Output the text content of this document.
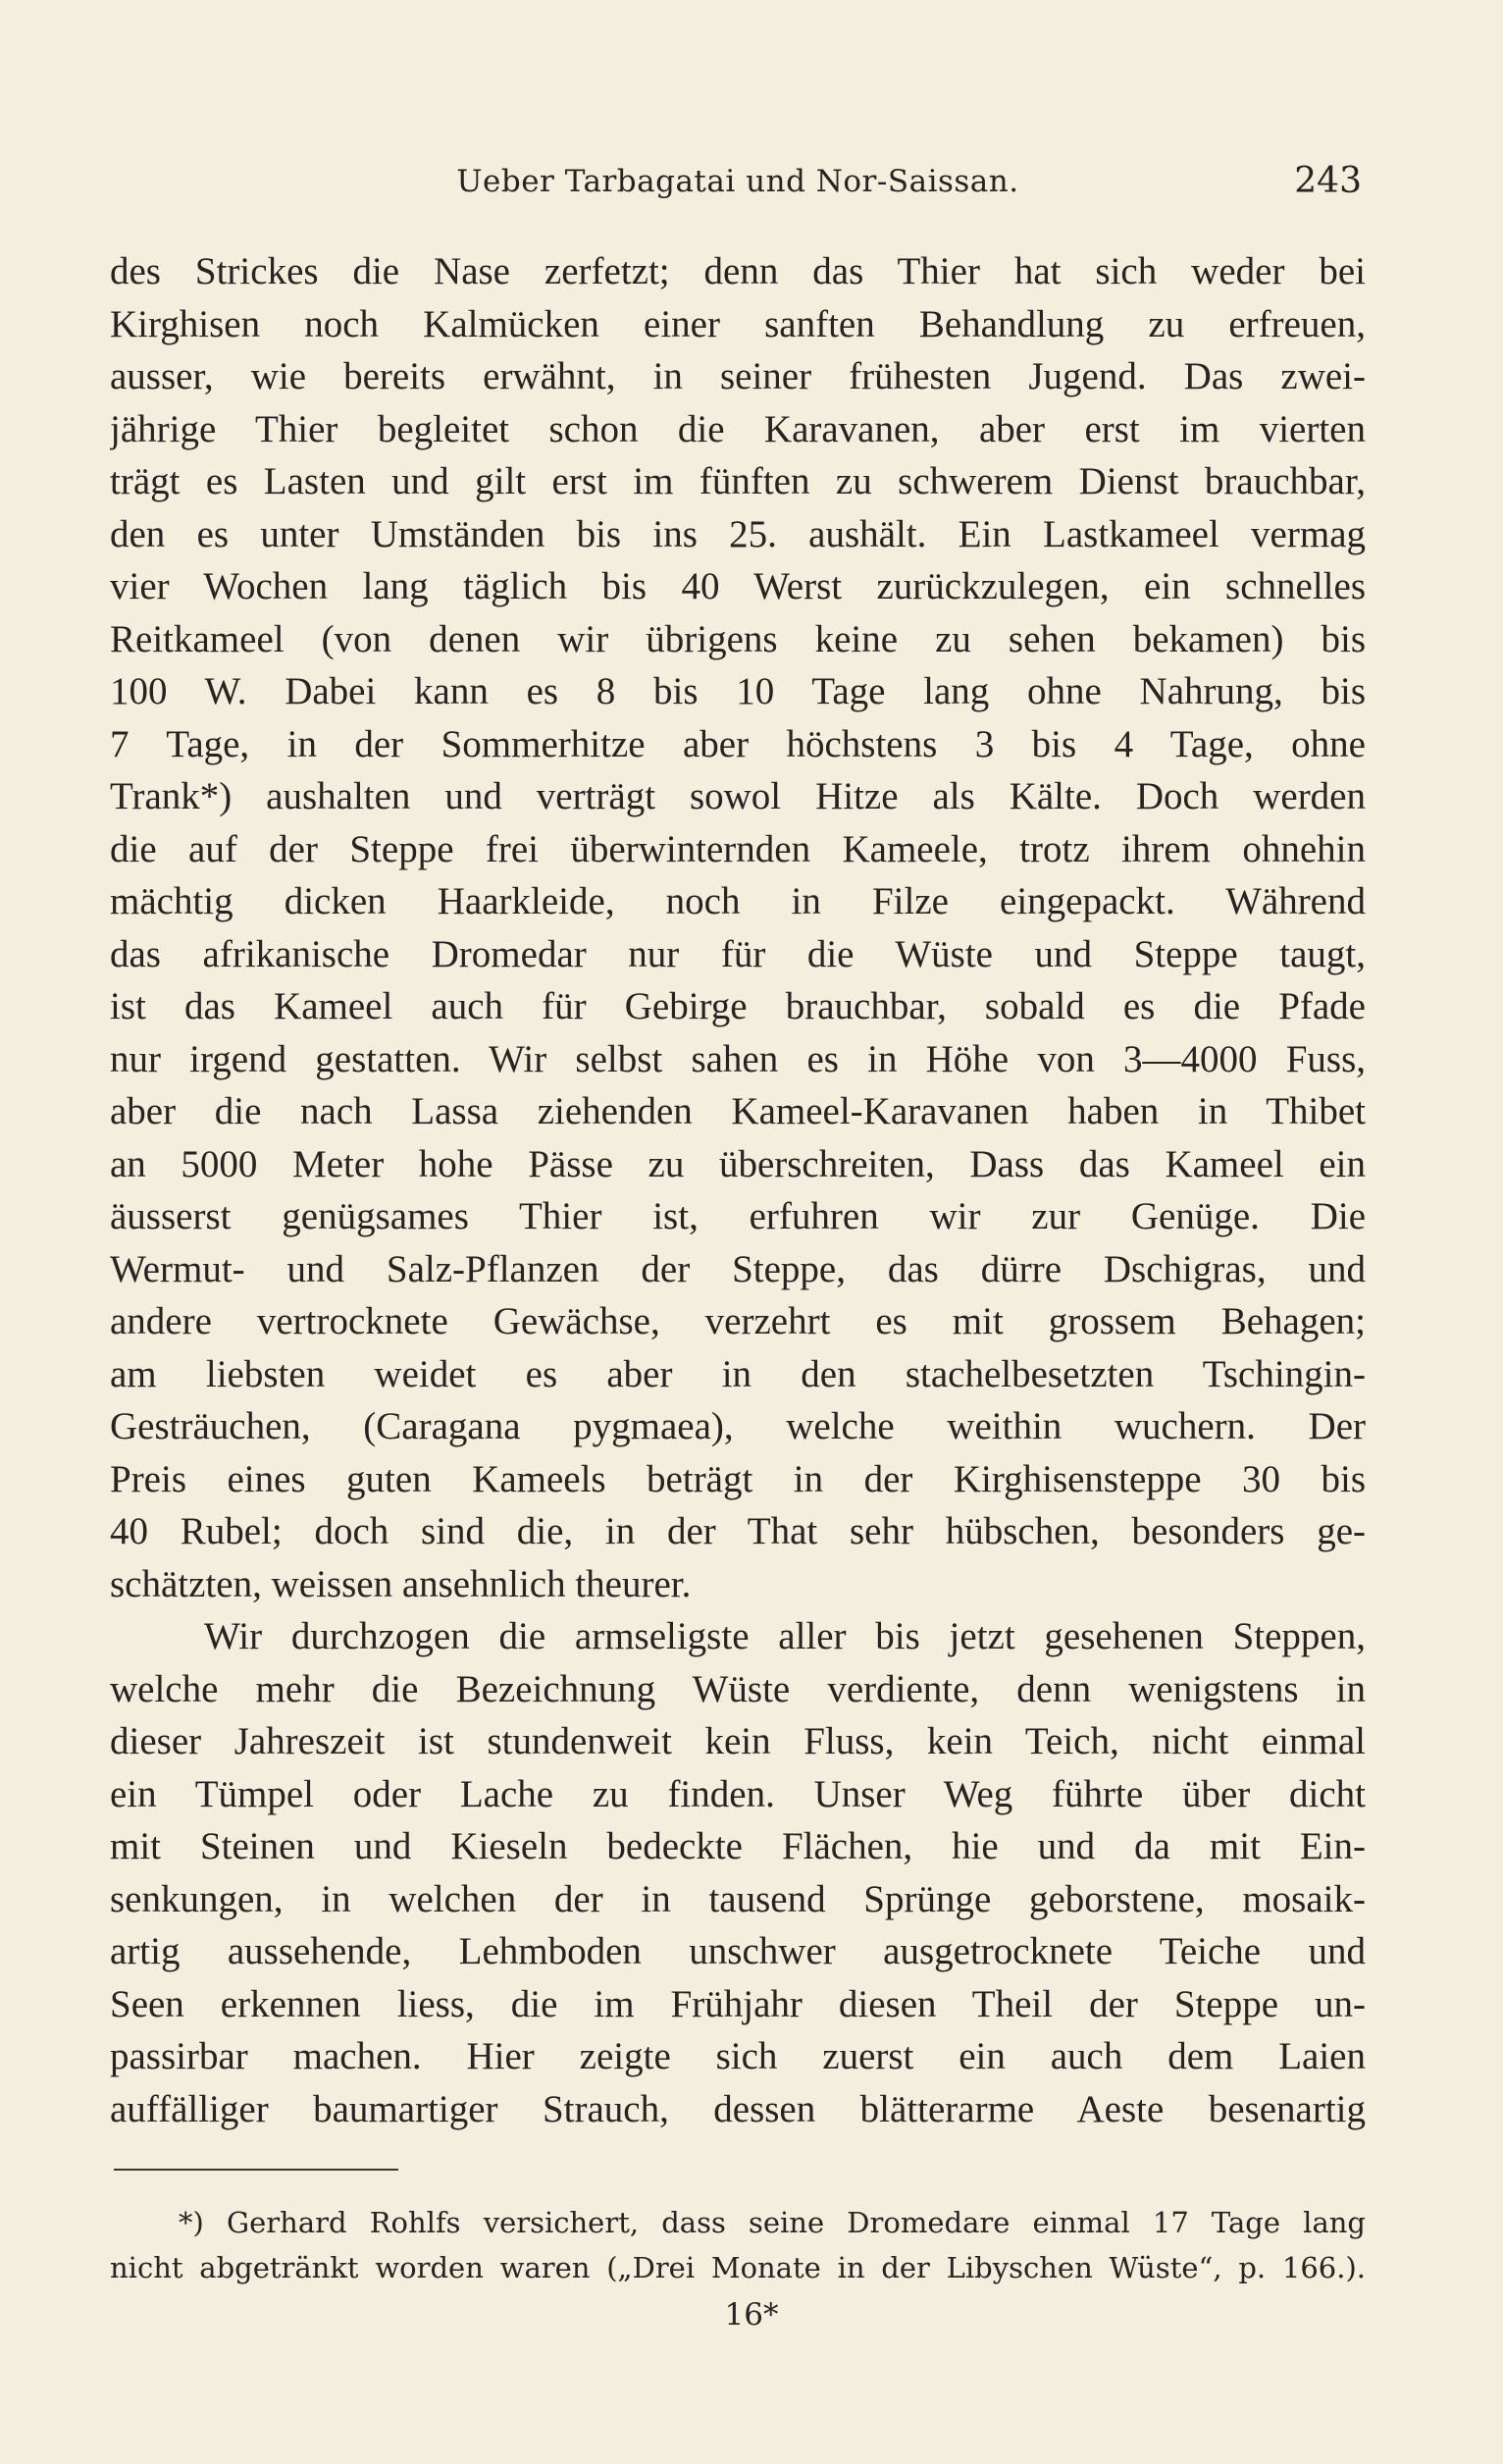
Ueber Tarbagatai und Nor-Saissan.	243
des Strickes die Nase zerfetzt; denn das Thier hat sich weder bei
Kirghisen noch Kalmücken einer sanften Behandlung zu erfreuen,
ausser, wie bereits erwähnt, in seiner frühesten Jugend. Das zwei-
jährige Thier begleitet schon die Karavanen, aber erst im vierten
trägt es Lasten und gilt erst im fünften zu schwerem Dienst brauchbar,
den es unter Umständen bis ins 25. aushält. Ein Lastkameel vermag
vier Wochen lang täglich bis 40 Werst zurückzulegen, ein schnelles
Reitkameel (von denen wir übrigens keine zu sehen bekamen) bis
100 W. Dabei kann es 8 bis 10 Tage lang ohne Nahrung, bis
7 Tage, in der Sommerhitze aber höchstens 3 bis 4 Tage, ohne
Trank*) aushalten und verträgt sowol Hitze als Kälte. Doch werden
die auf der Steppe frei überwinternden Kameele, trotz ihrem ohnehin
mächtig dicken Haarkleide, noch in Filze eingepackt. Während
das afrikanische Dromedar nur für die Wüste und Steppe taugt,
ist das Kameel auch für Gebirge brauchbar, sobald es die Pfade
nur irgend gestatten. Wir selbst sahen es in Höhe von 3—4000 Fuss,
aber die nach Lassa ziehenden Kameel-Karavanen haben in Thibet
an 5000 Meter hohe Pässe zu überschreiten, Dass das Kameel ein
äusserst genügsames Thier ist, erfuhren wir zur Genüge. Die
Wermut- und Salz-Pflanzen der Steppe, das dürre Dschigras, und
andere vertrocknete Gewächse, verzehrt es mit grossem Behagen;
am liebsten weidet es aber in den stachelbesetzten Tschingin-
Gesträuchen, (Caragana pygmaea), welche weithin wuchern. Der
Preis eines guten Kameels beträgt in der Kirghisensteppe 30 bis
40 Rubel; doch sind die, in der That sehr hübschen, besonders ge-
schätzten, weissen ansehnlich theurer.
Wir durchzogen die armseligste aller bis jetzt gesehenen Steppen,
welche mehr die Bezeichnung Wüste verdiente, denn wenigstens in
dieser Jahreszeit ist stundenweit kein Fluss, kein Teich, nicht einmal
ein Tümpel oder Lache zu finden. Unser Weg führte über dicht
mit Steinen und Kieseln bedeckte Flächen, hie und da mit Ein-
senkungen, in welchen der in tausend Sprünge geborstene, mosaik-
artig aussehende, Lehmboden unschwer ausgetrocknete Teiche und
Seen erkennen liess, die im Frühjahr diesen Theil der Steppe un-
passirbar machen. Hier zeigte sich zuerst ein auch dem Laien
auffälliger baumartiger Strauch, dessen blätterarme Aeste besenartig
*) Gerhard Rohlfs versichert, dass seine Dromedare einmal 17 Tage lang
nicht abgetränkt worden waren („Drei Monate in der Libyschen Wüste“, p. 166.).
16*
